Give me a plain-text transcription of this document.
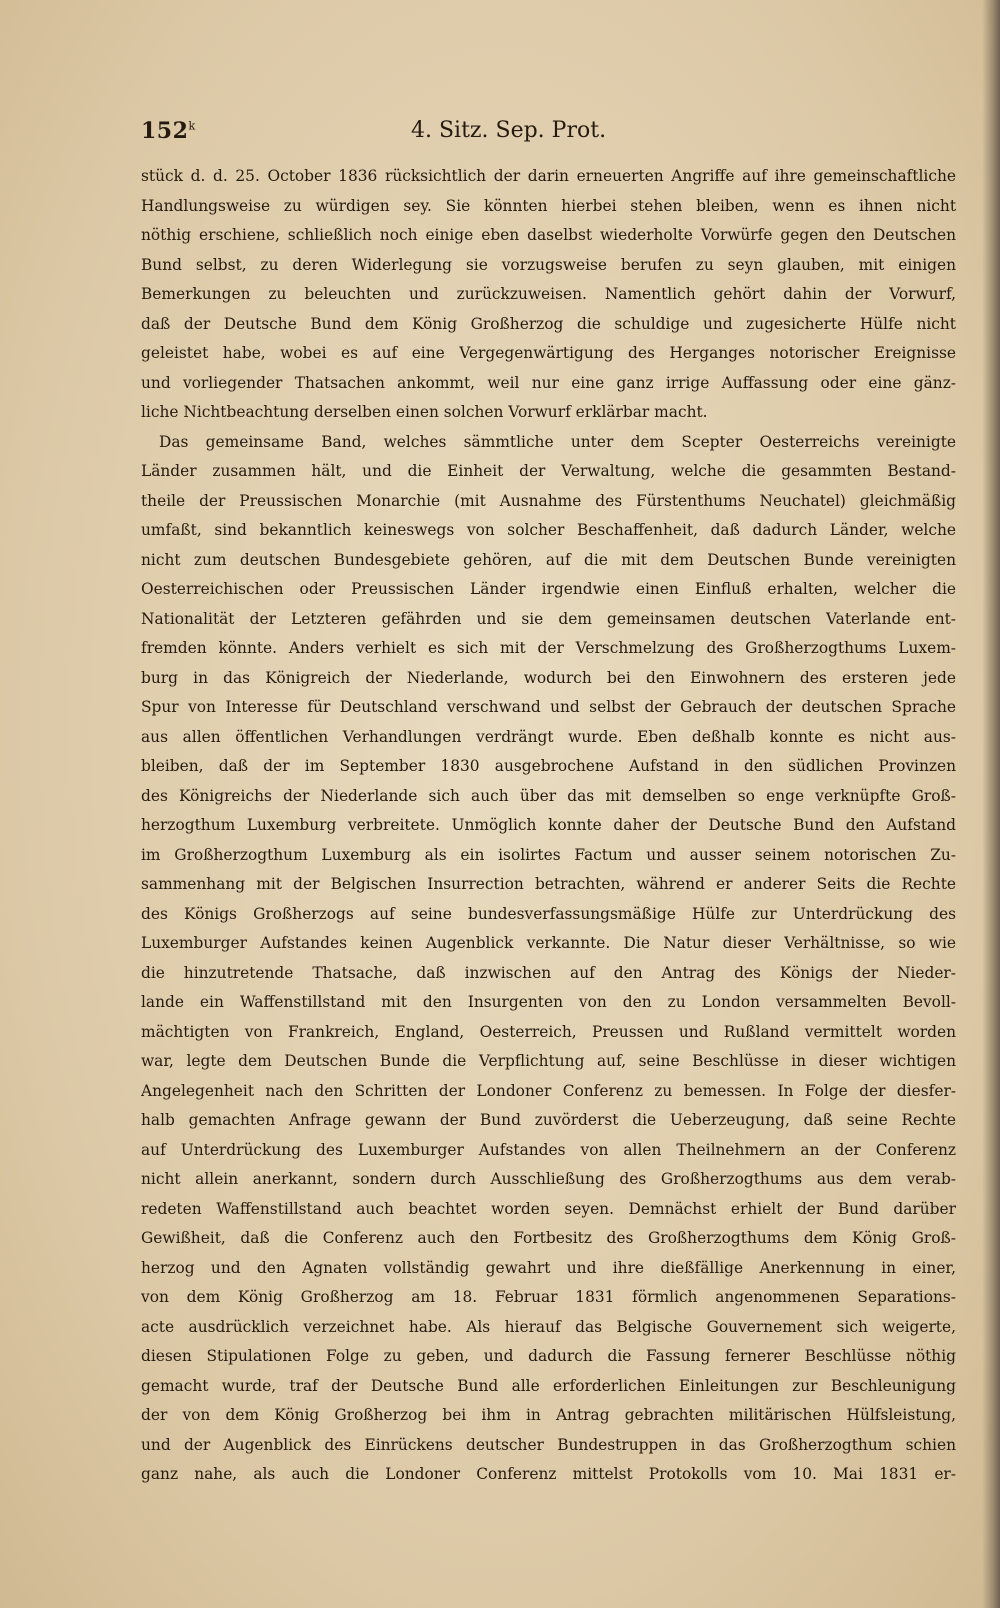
152$^k$	4. Sitz. Sep. Prot.
stück d. d. 25. October 1836 rücksichtlich der darin erneuerten Angriffe auf ihre gemeinschaftliche
Handlungsweise zu würdigen sey. Sie könnten hierbei stehen bleiben, wenn es ihnen nicht
nöthig erschiene, schließlich noch einige eben daselbst wiederholte Vorwürfe gegen den Deutschen
Bund selbst, zu deren Widerlegung sie vorzugsweise berufen zu seyn glauben, mit einigen
Bemerkungen zu beleuchten und zurückzuweisen. Namentlich gehört dahin der Vorwurf,
daß der Deutsche Bund dem König Großherzog die schuldige und zugesicherte Hülfe nicht
geleistet habe, wobei es auf eine Vergegenwärtigung des Herganges notorischer Ereignisse
und vorliegender Thatsachen ankommt, weil nur eine ganz irrige Auffassung oder eine gänz-
liche Nichtbeachtung derselben einen solchen Vorwurf erklärbar macht.
Das gemeinsame Band, welches sämmtliche unter dem Scepter Oesterreichs vereinigte
Länder zusammen hält, und die Einheit der Verwaltung, welche die gesammten Bestand-
theile der Preussischen Monarchie (mit Ausnahme des Fürstenthums Neuchatel) gleichmäßig
umfaßt, sind bekanntlich keineswegs von solcher Beschaffenheit, daß dadurch Länder, welche
nicht zum deutschen Bundesgebiete gehören, auf die mit dem Deutschen Bunde vereinigten
Oesterreichischen oder Preussischen Länder irgendwie einen Einfluß erhalten, welcher die
Nationalität der Letzteren gefährden und sie dem gemeinsamen deutschen Vaterlande ent-
fremden könnte. Anders verhielt es sich mit der Verschmelzung des Großherzogthums Luxem-
burg in das Königreich der Niederlande, wodurch bei den Einwohnern des ersteren jede
Spur von Interesse für Deutschland verschwand und selbst der Gebrauch der deutschen Sprache
aus allen öffentlichen Verhandlungen verdrängt wurde. Eben deßhalb konnte es nicht aus-
bleiben, daß der im September 1830 ausgebrochene Aufstand in den südlichen Provinzen
des Königreichs der Niederlande sich auch über das mit demselben so enge verknüpfte Groß-
herzogthum Luxemburg verbreitete. Unmöglich konnte daher der Deutsche Bund den Aufstand
im Großherzogthum Luxemburg als ein isolirtes Factum und ausser seinem notorischen Zu-
sammenhang mit der Belgischen Insurrection betrachten, während er anderer Seits die Rechte
des Königs Großherzogs auf seine bundesverfassungsmäßige Hülfe zur Unterdrückung des
Luxemburger Aufstandes keinen Augenblick verkannte. Die Natur dieser Verhältnisse, so wie
die hinzutretende Thatsache, daß inzwischen auf den Antrag des Königs der Nieder-
lande ein Waffenstillstand mit den Insurgenten von den zu London versammelten Bevoll-
mächtigten von Frankreich, England, Oesterreich, Preussen und Rußland vermittelt worden
war, legte dem Deutschen Bunde die Verpflichtung auf, seine Beschlüsse in dieser wichtigen
Angelegenheit nach den Schritten der Londoner Conferenz zu bemessen. In Folge der diesfer-
halb gemachten Anfrage gewann der Bund zuvörderst die Ueberzeugung, daß seine Rechte
auf Unterdrückung des Luxemburger Aufstandes von allen Theilnehmern an der Conferenz
nicht allein anerkannt, sondern durch Ausschließung des Großherzogthums aus dem verab-
redeten Waffenstillstand auch beachtet worden seyen. Demnächst erhielt der Bund darüber
Gewißheit, daß die Conferenz auch den Fortbesitz des Großherzogthums dem König Groß-
herzog und den Agnaten vollständig gewahrt und ihre dießfällige Anerkennung in einer,
von dem König Großherzog am 18. Februar 1831 förmlich angenommenen Separations-
acte ausdrücklich verzeichnet habe. Als hierauf das Belgische Gouvernement sich weigerte,
diesen Stipulationen Folge zu geben, und dadurch die Fassung fernerer Beschlüsse nöthig
gemacht wurde, traf der Deutsche Bund alle erforderlichen Einleitungen zur Beschleunigung
der von dem König Großherzog bei ihm in Antrag gebrachten militärischen Hülfsleistung,
und der Augenblick des Einrückens deutscher Bundestruppen in das Großherzogthum schien
ganz nahe, als auch die Londoner Conferenz mittelst Protokolls vom 10. Mai 1831 er-
